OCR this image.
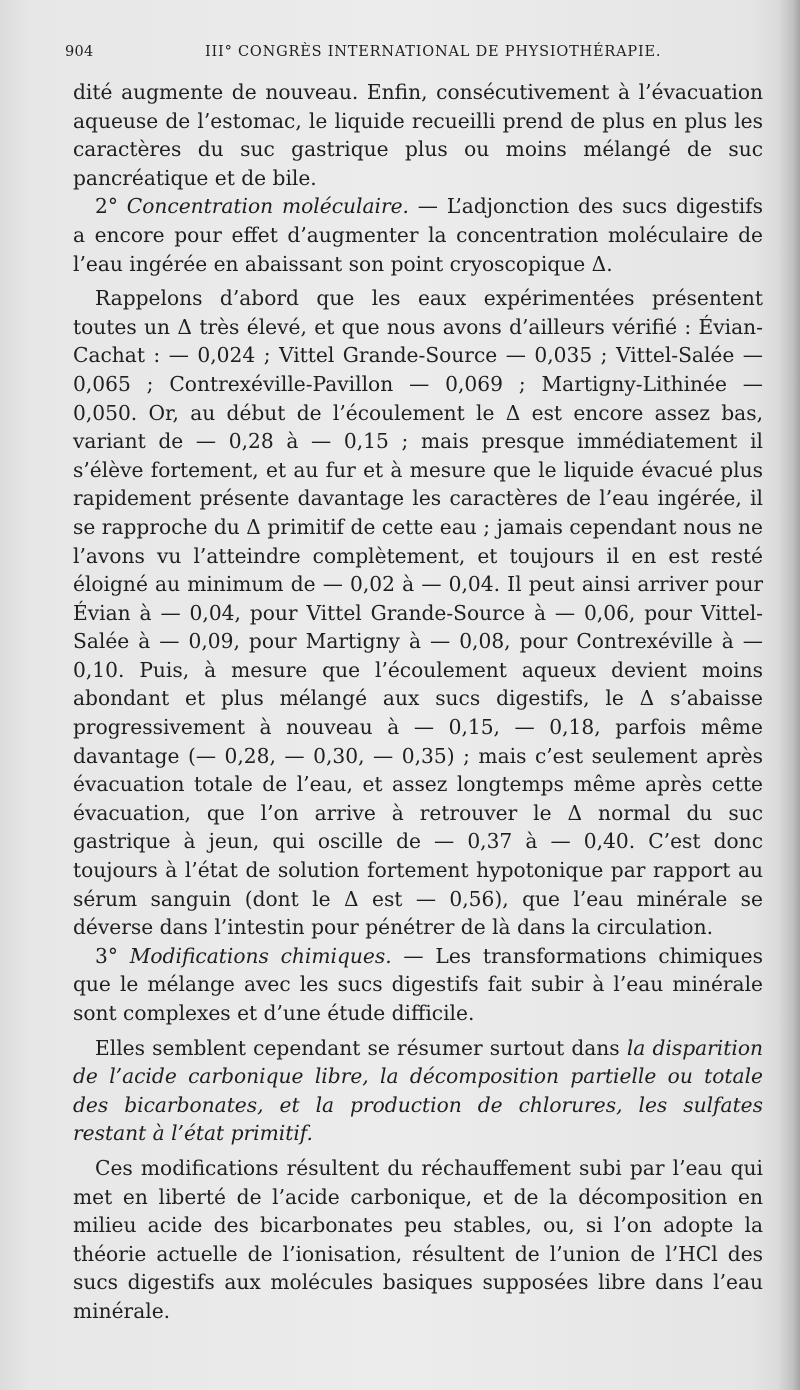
904	III° CONGRÈS INTERNATIONAL DE PHYSIOTHÉRAPIE.

dité augmente de nouveau. Enfin, consécutivement à l’évacuation aqueuse de l’estomac, le liquide recueilli prend de plus en plus les caractères du suc gastrique plus ou moins mélangé de suc pancréatique et de bile.

2° Concentration moléculaire. — L’adjonction des sucs digestifs a encore pour effet d’augmenter la concentration moléculaire de l’eau ingérée en abaissant son point cryoscopique Δ.

Rappelons d’abord que les eaux expérimentées présentent toutes un Δ très élevé, et que nous avons d’ailleurs vérifié : Évian-Cachat : — 0,024 ; Vittel Grande-Source — 0,035 ; Vittel-Salée — 0,065 ; Contrexéville-Pavillon — 0,069 ; Martigny-Lithinée — 0,050. Or, au début de l’écoulement le Δ est encore assez bas, variant de — 0,28 à — 0,15 ; mais presque immédiatement il s’élève fortement, et au fur et à mesure que le liquide évacué plus rapidement présente davantage les caractères de l’eau ingérée, il se rapproche du Δ primitif de cette eau ; jamais cependant nous ne l’avons vu l’atteindre complètement, et toujours il en est resté éloigné au minimum de — 0,02 à — 0,04. Il peut ainsi arriver pour Évian à — 0,04, pour Vittel Grande-Source à — 0,06, pour Vittel-Salée à — 0,09, pour Martigny à — 0,08, pour Contrexéville à — 0,10. Puis, à mesure que l’écoulement aqueux devient moins abondant et plus mélangé aux sucs digestifs, le Δ s’abaisse progressivement à nouveau à — 0,15, — 0,18, parfois même davantage (— 0,28, — 0,30, — 0,35) ; mais c’est seulement après évacuation totale de l’eau, et assez longtemps même après cette évacuation, que l’on arrive à retrouver le Δ normal du suc gastrique à jeun, qui oscille de — 0,37 à — 0,40. C’est donc toujours à l’état de solution fortement hypotonique par rapport au sérum sanguin (dont le Δ est — 0,56), que l’eau minérale se déverse dans l’intestin pour pénétrer de là dans la circulation.

3° Modifications chimiques. — Les transformations chimiques que le mélange avec les sucs digestifs fait subir à l’eau minérale sont complexes et d’une étude difficile.

Elles semblent cependant se résumer surtout dans la disparition de l’acide carbonique libre, la décomposition partielle ou totale des bicarbonates, et la production de chlorures, les sulfates restant à l’état primitif.

Ces modifications résultent du réchauffement subi par l’eau qui met en liberté de l’acide carbonique, et de la décomposition en milieu acide des bicarbonates peu stables, ou, si l’on adopte la théorie actuelle de l’ionisation, résultent de l’union de l’HCl des sucs digestifs aux molécules basiques supposées libre dans l’eau minérale.
